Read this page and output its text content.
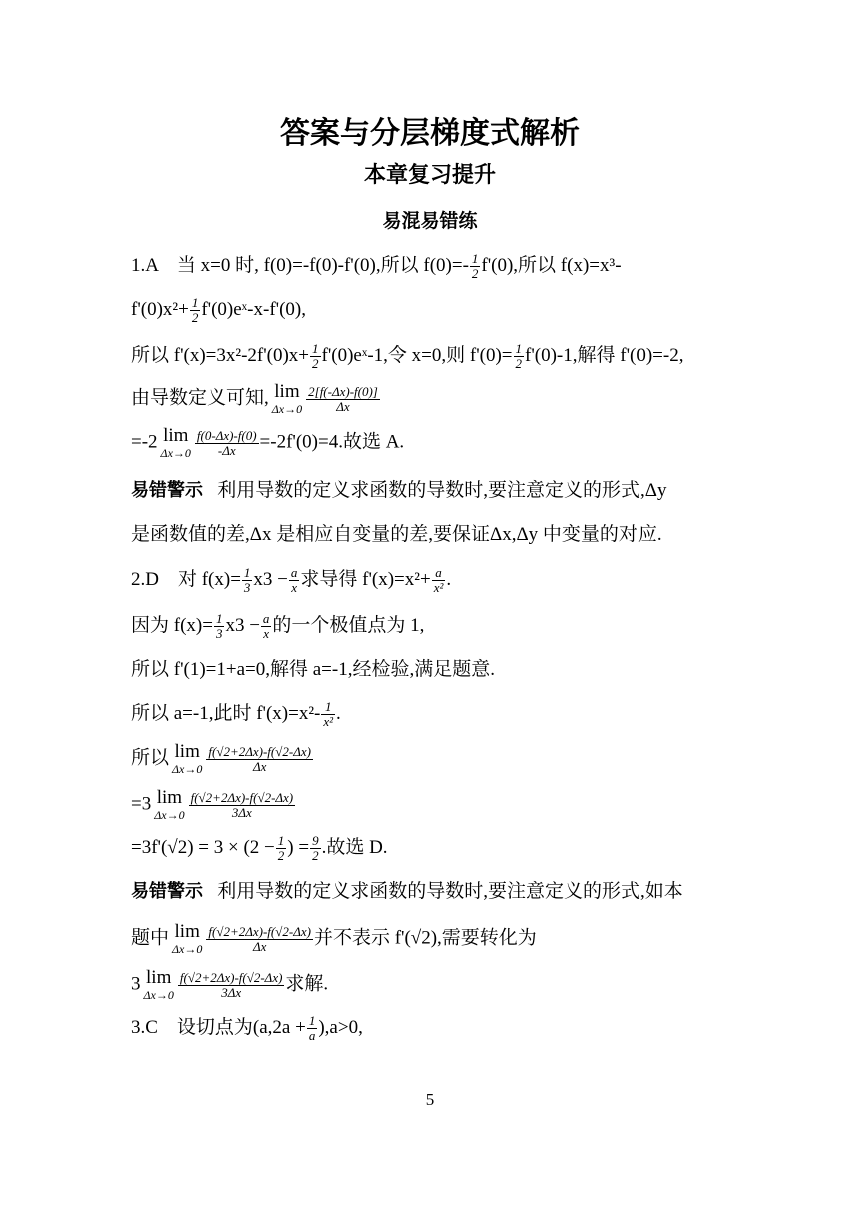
答案与分层梯度式解析
本章复习提升
易混易错练
1.A　当 x=0 时, f(0)=-f(0)-f'(0),所以 $f(0)=- \frac{1}{2} f'(0)$,所以 f(x)=x³-
$f'(0)x^2+ \frac{1}{2}$ f'(0)eˣ-x-f'(0),
所以 $f'(x)=3x^2-2f'(0)x+ \frac{1}{2}$ f'(0)eˣ-1,令 x=0,则 $f'(0)= \frac{1}{2} f'(0)-1$,解得 f'(0)=-2,
由导数定义可知, lim
$\Delta x\to 0 \frac{2[f(-\Delta x)-f(0)]}{\Delta x}$
=-2 lim
$\Delta x\to 0 \frac{f(0-\Delta x)-f(0)}{-\Delta x} =-2f'(0)=4$.故选 A.
易错警示 利用导数的定义求函数的导数时,要注意定义的形式,Δy
是函数值的差,Δx 是相应自变量的差,要保证Δx,Δy 中变量的对应.
2.D　对 $f(x)= \frac{1}{3} x3 - \frac{a}{x}$ 求导得 $f'(x)=x^2+ \frac{a}{\text{x²}}$ .
因为 $f(x)= \frac{1}{3} x3 - \frac{a}{x}$ 的一个极值点为 1,
所以 f'(1)=1+a=0,解得 a=-1,经检验,满足题意.
所以 a=-1,此时 $f'(x)=x^2- \frac{1}{\text{x²}}$ .
所以 lim
$\Delta x\to 0 \frac{f(√2+2\Delta x)-f(√2-\Delta x)}{\Delta x}$
=3 lim
$\Delta x\to 0 \frac{f(√2+2\Delta x)-f(√2-\Delta x)}{3\Delta x}$
$=3f'(√2) = 3 \times (2 - \frac{1}{2}$ ) = $\frac{9}{2}$ .故选 D.
易错警示 利用导数的定义求函数的导数时,要注意定义的形式,如本
题中 lim
$\Delta x\to 0 \frac{f(√2+2\Delta x)-f(√2-\Delta x)}{\Delta x}$ 并不表示 f'(√2),需要转化为
3 lim
$\Delta x\to 0 \frac{f(√2+2\Delta x)-f(√2-\Delta x)}{3\Delta x}$ 求解.
3.C　设切点为$(a,2a + \frac{1}{a} ),a>0$,
5
